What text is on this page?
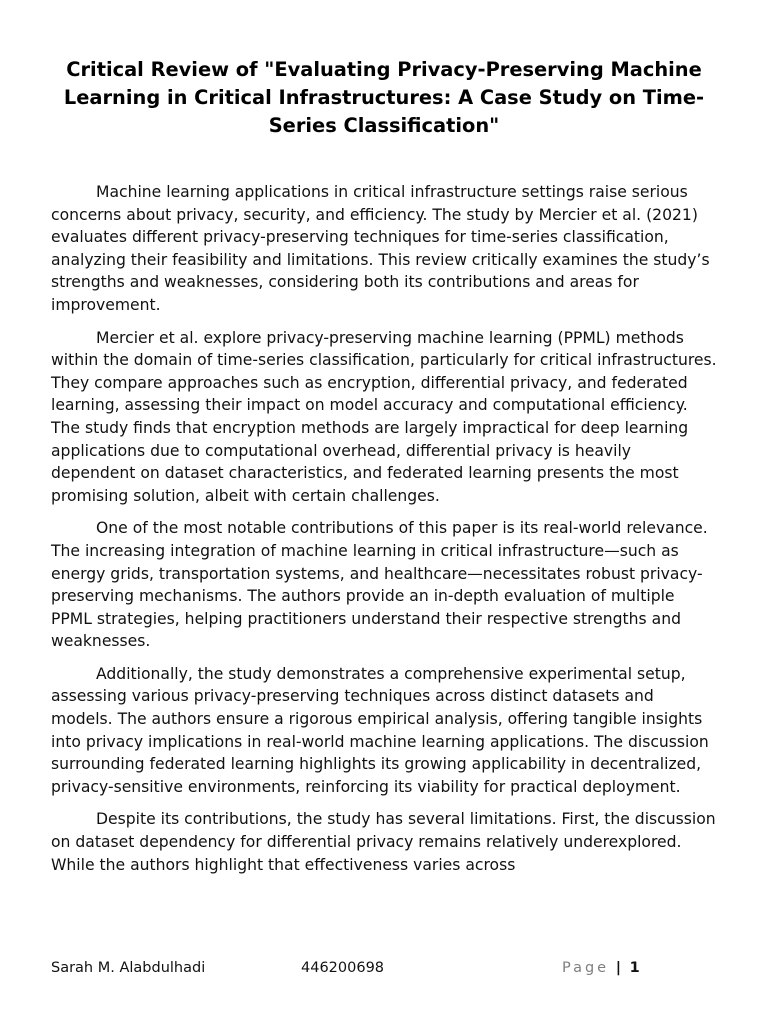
Critical Review of "Evaluating Privacy-Preserving Machine Learning in Critical Infrastructures: A Case Study on Time-Series Classification"

Machine learning applications in critical infrastructure settings raise serious concerns about privacy, security, and efficiency. The study by Mercier et al. (2021) evaluates different privacy-preserving techniques for time-series classification, analyzing their feasibility and limitations. This review critically examines the study’s strengths and weaknesses, considering both its contributions and areas for improvement.

Mercier et al. explore privacy-preserving machine learning (PPML) methods within the domain of time-series classification, particularly for critical infrastructures. They compare approaches such as encryption, differential privacy, and federated learning, assessing their impact on model accuracy and computational efficiency. The study finds that encryption methods are largely impractical for deep learning applications due to computational overhead, differential privacy is heavily dependent on dataset characteristics, and federated learning presents the most promising solution, albeit with certain challenges.

One of the most notable contributions of this paper is its real-world relevance. The increasing integration of machine learning in critical infrastructure—such as energy grids, transportation systems, and healthcare—necessitates robust privacy-preserving mechanisms. The authors provide an in-depth evaluation of multiple PPML strategies, helping practitioners understand their respective strengths and weaknesses.

Additionally, the study demonstrates a comprehensive experimental setup, assessing various privacy-preserving techniques across distinct datasets and models. The authors ensure a rigorous empirical analysis, offering tangible insights into privacy implications in real-world machine learning applications. The discussion surrounding federated learning highlights its growing applicability in decentralized, privacy-sensitive environments, reinforcing its viability for practical deployment.

Despite its contributions, the study has several limitations. First, the discussion on dataset dependency for differential privacy remains relatively underexplored. While the authors highlight that effectiveness varies across

Sarah M. Alabdulhadi	446200698	Page | 1
